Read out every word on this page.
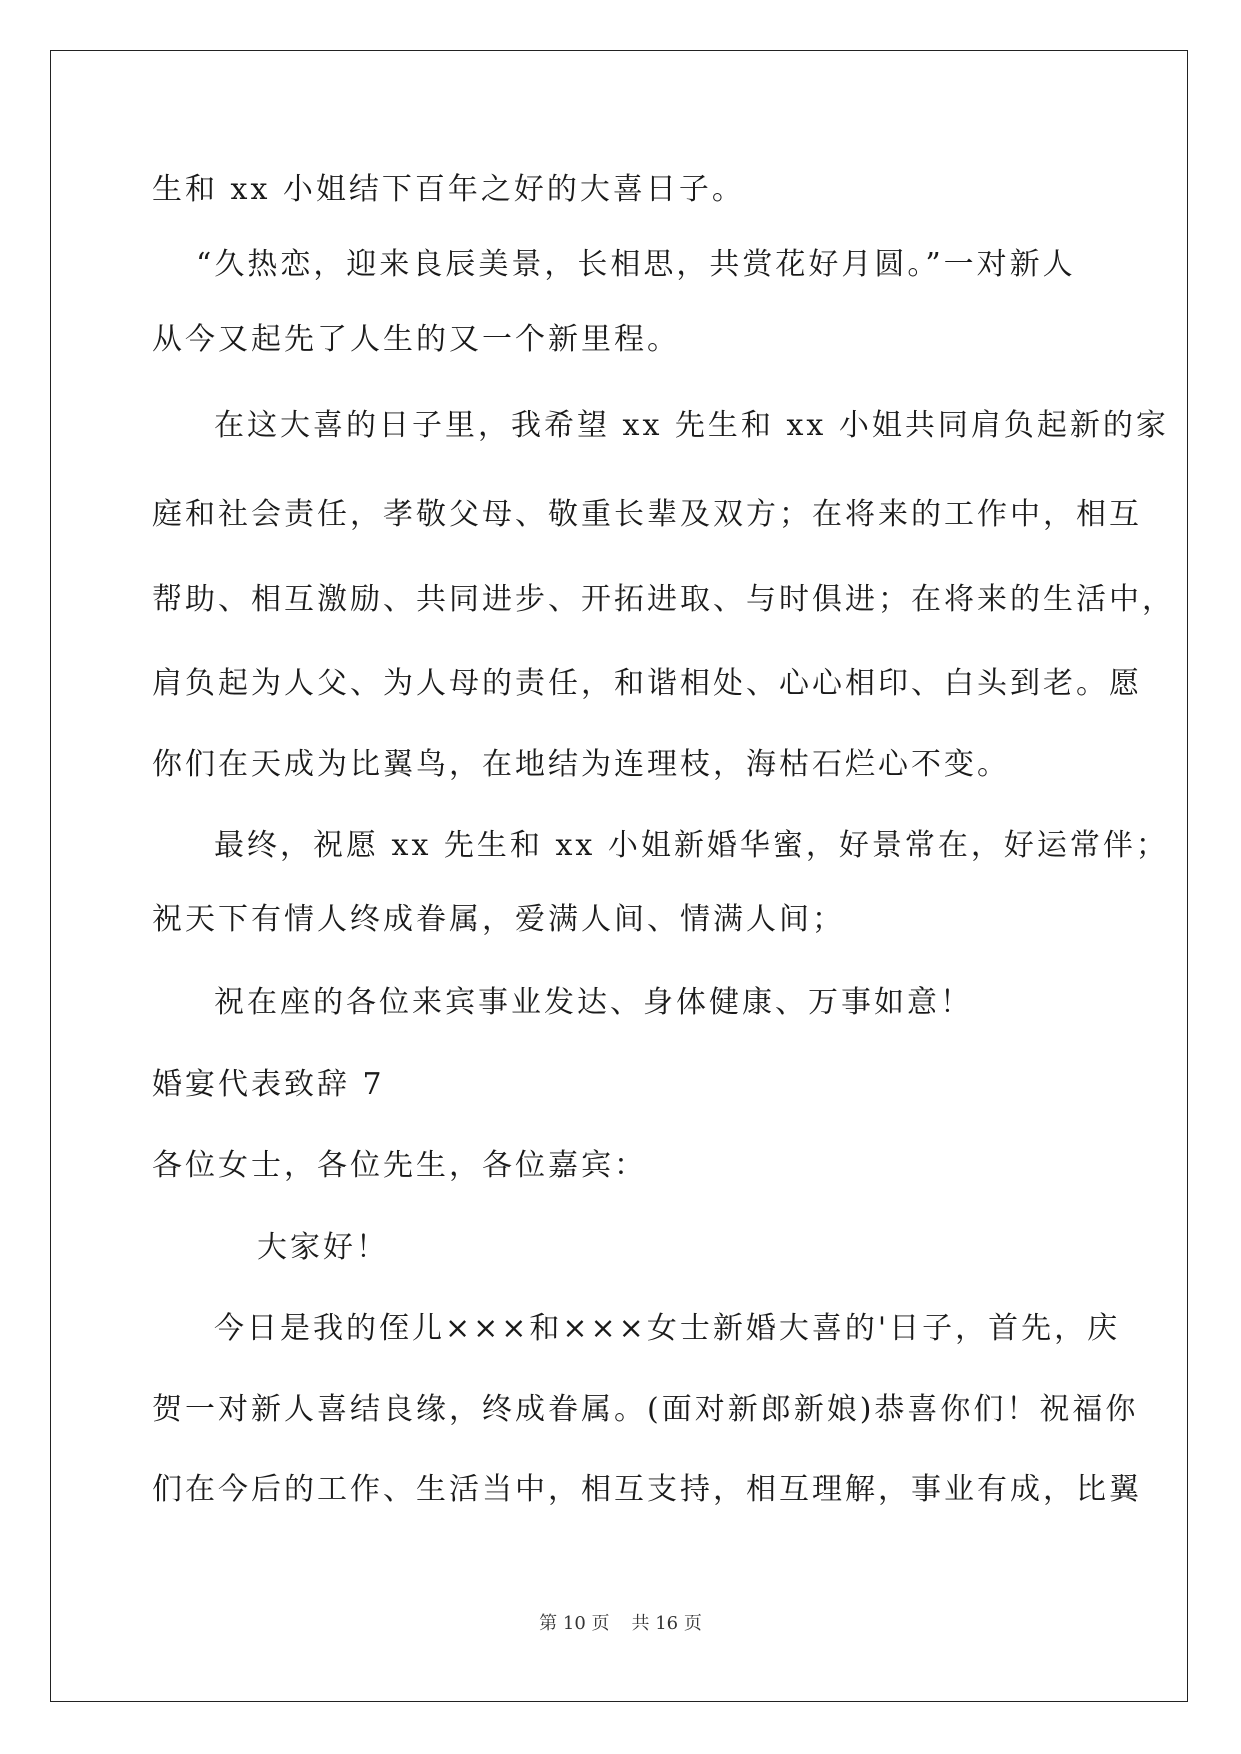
生和 xx 小姐结下百年之好的大喜日子。
“久热恋，迎来良辰美景，长相思，共赏花好月圆。”一对新人
从今又起先了人生的又一个新里程。
在这大喜的日子里，我希望 xx 先生和 xx 小姐共同肩负起新的家
庭和社会责任，孝敬父母、敬重长辈及双方；在将来的工作中，相互
帮助、相互激励、共同进步、开拓进取、与时俱进；在将来的生活中，
肩负起为人父、为人母的责任，和谐相处、心心相印、白头到老。愿
你们在天成为比翼鸟，在地结为连理枝，海枯石烂心不变。
最终，祝愿 xx 先生和 xx 小姐新婚华蜜，好景常在，好运常伴；
祝天下有情人终成眷属，爱满人间、情满人间；
祝在座的各位来宾事业发达、身体健康、万事如意！
婚宴代表致辞 7
各位女士，各位先生，各位嘉宾：
大家好！
今日是我的侄儿×××和×××女士新婚大喜的'日子，首先，庆
贺一对新人喜结良缘，终成眷属。(面对新郎新娘)恭喜你们！祝福你
们在今后的工作、生活当中，相互支持，相互理解，事业有成，比翼
第 10 页 共 16 页
